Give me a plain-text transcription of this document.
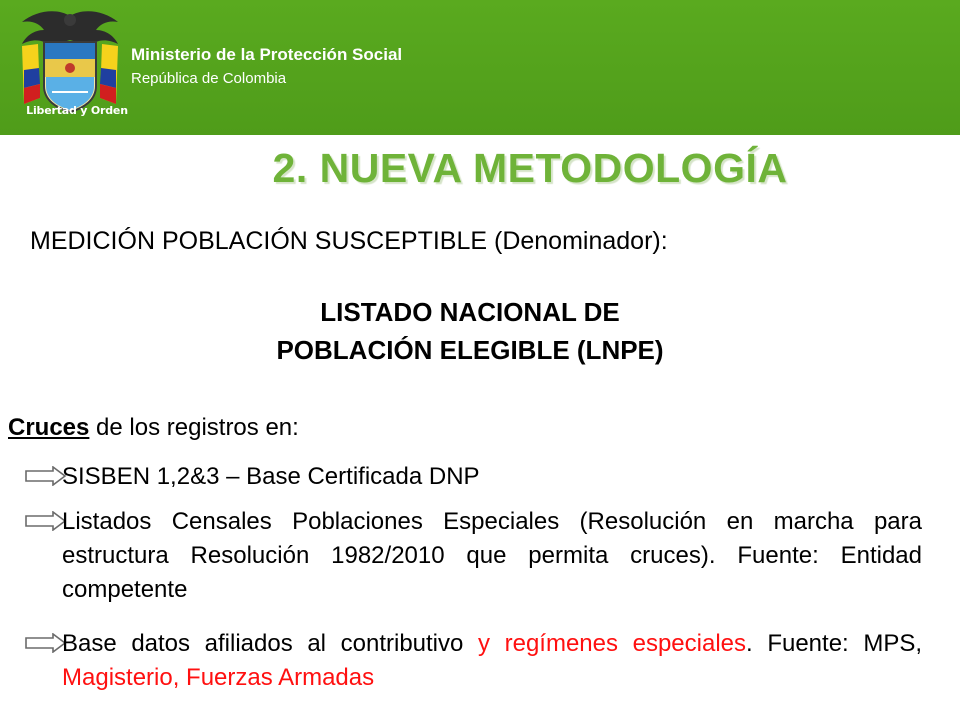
Libertad y Orden
Ministerio de la Protección Social
República de Colombia
2. NUEVA METODOLOGÍA
MEDICIÓN POBLACIÓN SUSCEPTIBLE (Denominador):
LISTADO NACIONAL DE
POBLACIÓN ELEGIBLE (LNPE)
Cruces de los registros en:
SISBEN 1,2&3 – Base Certificada DNP
Listados Censales Poblaciones Especiales (Resolución en marcha para estructura Resolución 1982/2010 que permita cruces). Fuente: Entidad competente
Base datos afiliados al contributivo y regímenes especiales. Fuente: MPS, Magisterio, Fuerzas Armadas
